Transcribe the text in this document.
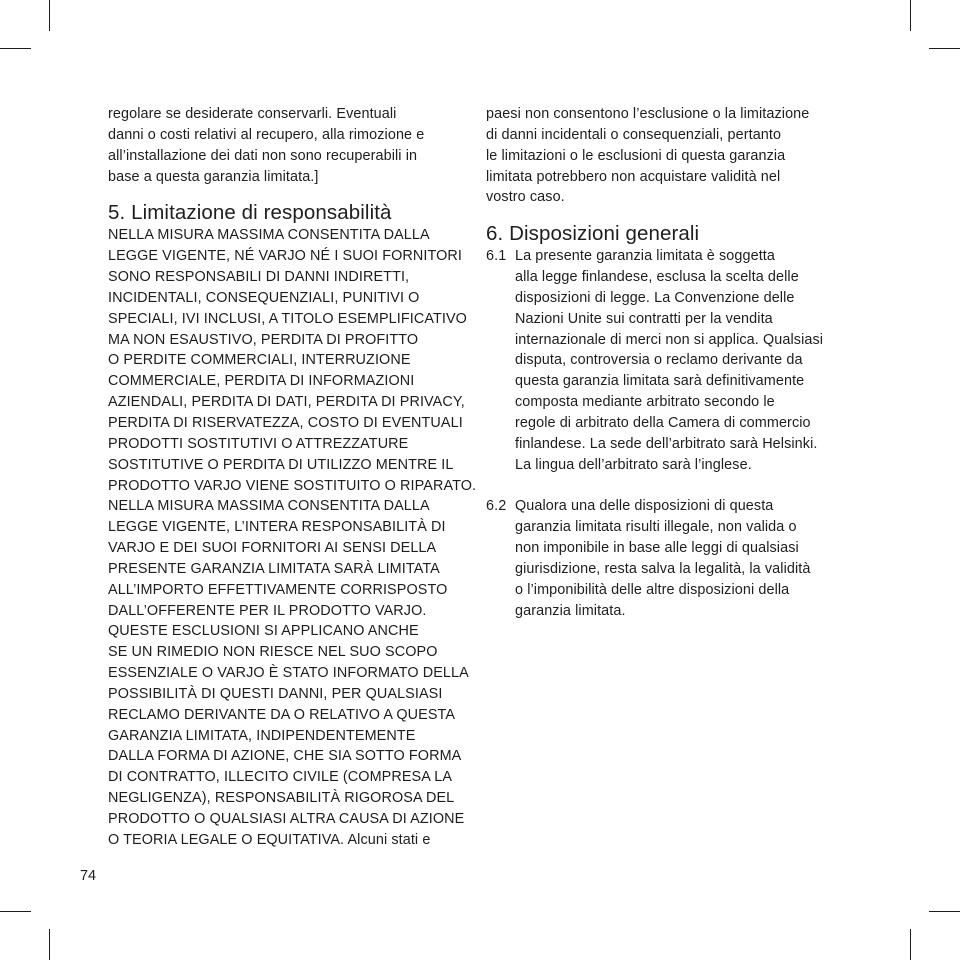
regolare se desiderate conservarli. Eventuali
danni o costi relativi al recupero, alla rimozione e
all’installazione dei dati non sono recuperabili in
base a questa garanzia limitata.]

5. Limitazione di responsabilità

NELLA MISURA MASSIMA CONSENTITA DALLA
LEGGE VIGENTE, NÉ VARJO NÉ I SUOI FORNITORI
SONO RESPONSABILI DI DANNI INDIRETTI,
INCIDENTALI, CONSEQUENZIALI, PUNITIVI O
SPECIALI, IVI INCLUSI, A TITOLO ESEMPLIFICATIVO
MA NON ESAUSTIVO, PERDITA DI PROFITTO
O PERDITE COMMERCIALI, INTERRUZIONE
COMMERCIALE, PERDITA DI INFORMAZIONI
AZIENDALI, PERDITA DI DATI, PERDITA DI PRIVACY,
PERDITA DI RISERVATEZZA, COSTO DI EVENTUALI
PRODOTTI SOSTITUTIVI O ATTREZZATURE
SOSTITUTIVE O PERDITA DI UTILIZZO MENTRE IL
PRODOTTO VARJO VIENE SOSTITUITO O RIPARATO.
NELLA MISURA MASSIMA CONSENTITA DALLA
LEGGE VIGENTE, L’INTERA RESPONSABILITÀ DI
VARJO E DEI SUOI FORNITORI AI SENSI DELLA
PRESENTE GARANZIA LIMITATA SARÀ LIMITATA
ALL’IMPORTO EFFETTIVAMENTE CORRISPOSTO
DALL’OFFERENTE PER IL PRODOTTO VARJO.
QUESTE ESCLUSIONI SI APPLICANO ANCHE
SE UN RIMEDIO NON RIESCE NEL SUO SCOPO
ESSENZIALE O VARJO È STATO INFORMATO DELLA
POSSIBILITÀ DI QUESTI DANNI, PER QUALSIASI
RECLAMO DERIVANTE DA O RELATIVO A QUESTA
GARANZIA LIMITATA, INDIPENDENTEMENTE
DALLA FORMA DI AZIONE, CHE SIA SOTTO FORMA
DI CONTRATTO, ILLECITO CIVILE (COMPRESA LA
NEGLIGENZA), RESPONSABILITÀ RIGOROSA DEL
PRODOTTO O QUALSIASI ALTRA CAUSA DI AZIONE
O TEORIA LEGALE O EQUITATIVA. Alcuni stati e

paesi non consentono l’esclusione o la limitazione
di danni incidentali o consequenziali, pertanto
le limitazioni o le esclusioni di questa garanzia
limitata potrebbero non acquistare validità nel
vostro caso.

6. Disposizioni generali
6.1 La presente garanzia limitata è soggetta
alla legge finlandese, esclusa la scelta delle
disposizioni di legge. La Convenzione delle
Nazioni Unite sui contratti per la vendita
internazionale di merci non si applica. Qualsiasi
disputa, controversia o reclamo derivante da
questa garanzia limitata sarà definitivamente
composta mediante arbitrato secondo le
regole di arbitrato della Camera di commercio
finlandese. La sede dell’arbitrato sarà Helsinki.
La lingua dell’arbitrato sarà l’inglese.
6.2 Qualora una delle disposizioni di questa
garanzia limitata risulti illegale, non valida o
non imponibile in base alle leggi di qualsiasi
giurisdizione, resta salva la legalità, la validità
o l’imponibilità delle altre disposizioni della
garanzia limitata.
74
